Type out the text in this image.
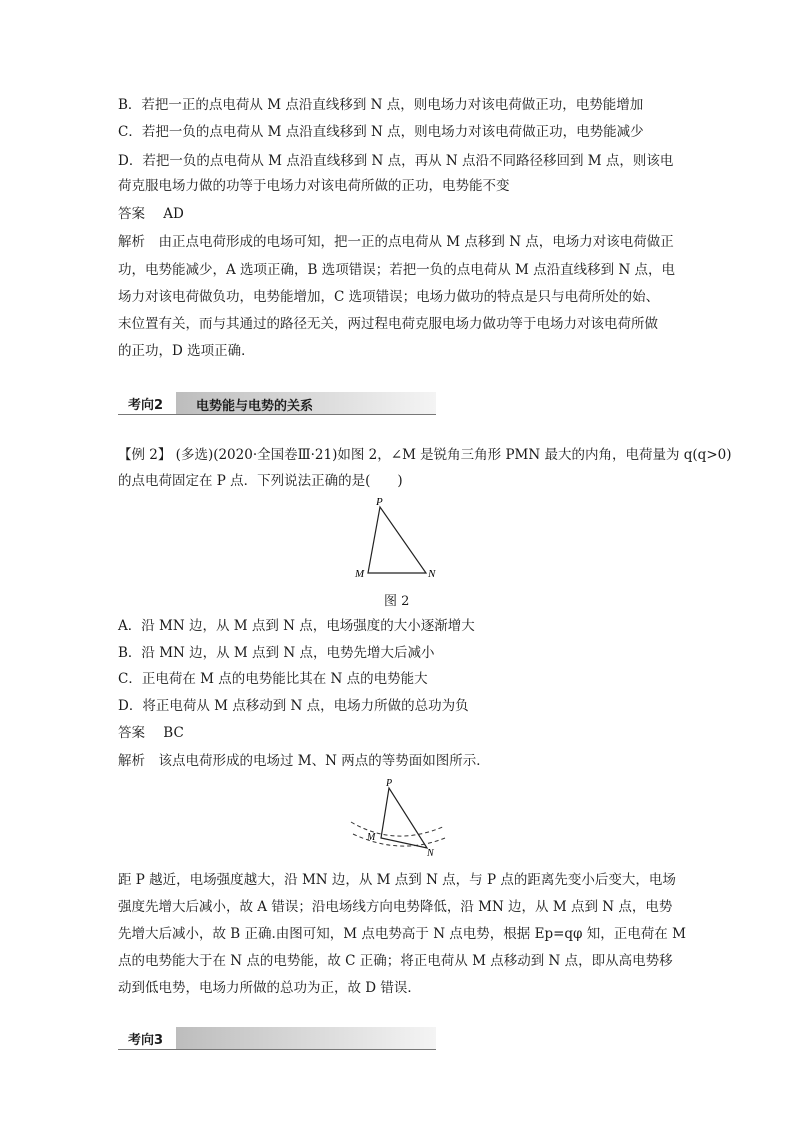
B．若把一正的点电荷从 M 点沿直线移到 N 点，则电场力对该电荷做正功，电势能增加
C．若把一负的点电荷从 M 点沿直线移到 N 点，则电场力对该电荷做正功，电势能减少
D．若把一负的点电荷从 M 点沿直线移到 N 点，再从 N 点沿不同路径移回到 M 点，则该电
荷克服电场力做的功等于电场力对该电荷所做的正功，电势能不变
答案 AD
解析　由正点电荷形成的电场可知，把一正的点电荷从 M 点移到 N 点，电场力对该电荷做正
功，电势能减少，A 选项正确，B 选项错误；若把一负的点电荷从 M 点沿直线移到 N 点，电
场力对该电荷做负功，电势能增加，C 选项错误；电场力做功的特点是只与电荷所处的始、
末位置有关，而与其通过的路径无关，两过程电荷克服电场力做功等于电场力对该电荷所做
的正功，D 选项正确．
考向2	电势能与电势的关系
【例 2】 (多选)(2020·全国卷Ⅲ·21)如图 2，∠M 是锐角三角形 PMN 最大的内角，电荷量为 q(q>0)
的点电荷固定在 P 点．下列说法正确的是(　　)
P
M	N
图 2
A．沿 MN 边，从 M 点到 N 点，电场强度的大小逐渐增大
B．沿 MN 边，从 M 点到 N 点，电势先增大后减小
C．正电荷在 M 点的电势能比其在 N 点的电势能大
D．将正电荷从 M 点移动到 N 点，电场力所做的总功为负
答案 BC
解析　该点电荷形成的电场过 M、N 两点的等势面如图所示．
P
M
N
距 P 越近，电场强度越大，沿 MN 边，从 M 点到 N 点，与 P 点的距离先变小后变大，电场
强度先增大后减小，故 A 错误；沿电场线方向电势降低，沿 MN 边，从 M 点到 N 点，电势
先增大后减小，故 B 正确.由图可知，M 点电势高于 N 点电势，根据 Ep=qφ 知，正电荷在 M
点的电势能大于在 N 点的电势能，故 C 正确；将正电荷从 M 点移动到 N 点，即从高电势移
动到低电势，电场力所做的总功为正，故 D 错误．
考向3
